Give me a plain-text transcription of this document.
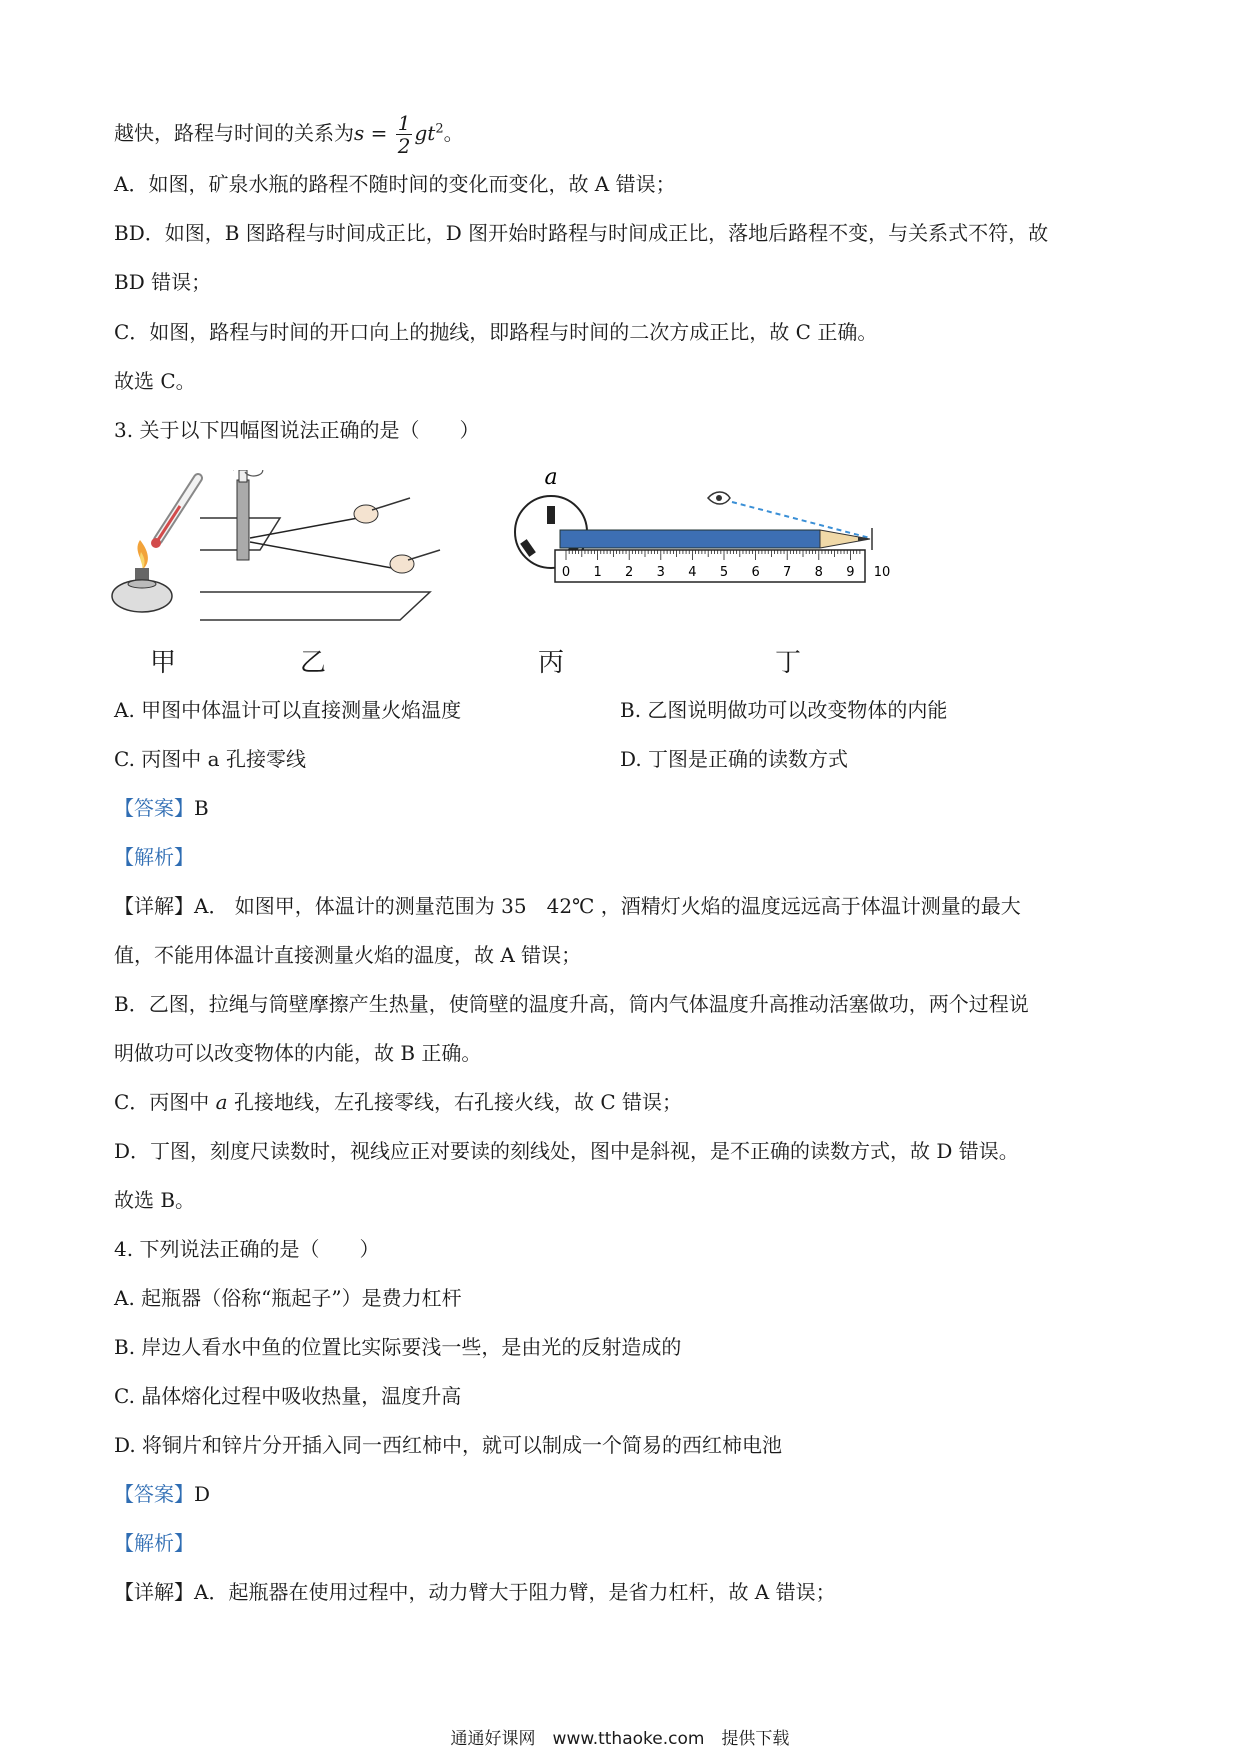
越快，路程与时间的关系为$s = \frac{1}{2} gt^2$。
A．如图，矿泉水瓶的路程不随时间的变化而变化，故 A 错误；
BD．如图，B 图路程与时间成正比，D 图开始时路程与时间成正比，落地后路程不变，与关系式不符，故
BD 错误；
C．如图，路程与时间的开口向上的抛线，即路程与时间的二次方成正比，故 C 正确。
故选 C。
3. 关于以下四幅图说法正确的是（　　）
a
0 1 2 3 4 5 6 7 8 9 10
甲	乙	丙	丁
A. 甲图中体温计可以直接测量火焰温度	B. 乙图说明做功可以改变物体的内能
C. 丙图中 a 孔接零线	D. 丁图是正确的读数方式
【答案】B
【解析】
【详解】A． 如图甲，体温计的测量范围为 35　42℃ ，酒精灯火焰的温度远远高于体温计测量的最大
值，不能用体温计直接测量火焰的温度，故 A 错误；
B．乙图，拉绳与筒壁摩擦产生热量，使筒壁的温度升高，筒内气体温度升高推动活塞做功，两个过程说
明做功可以改变物体的内能，故 B 正确。
C．丙图中 a 孔接地线，左孔接零线，右孔接火线，故 C 错误；
D．丁图，刻度尺读数时，视线应正对要读的刻线处，图中是斜视，是不正确的读数方式，故 D 错误。
故选 B。
4. 下列说法正确的是（　　）
A. 起瓶器（俗称“瓶起子”）是费力杠杆
B. 岸边人看水中鱼的位置比实际要浅一些，是由光的反射造成的
C. 晶体熔化过程中吸收热量，温度升高
D. 将铜片和锌片分开插入同一西红柿中，就可以制成一个简易的西红柿电池
【答案】D
【解析】
【详解】A．起瓶器在使用过程中，动力臂大于阻力臂，是省力杠杆，故 A 错误；
通通好课网　www.tthaoke.com　提供下载
